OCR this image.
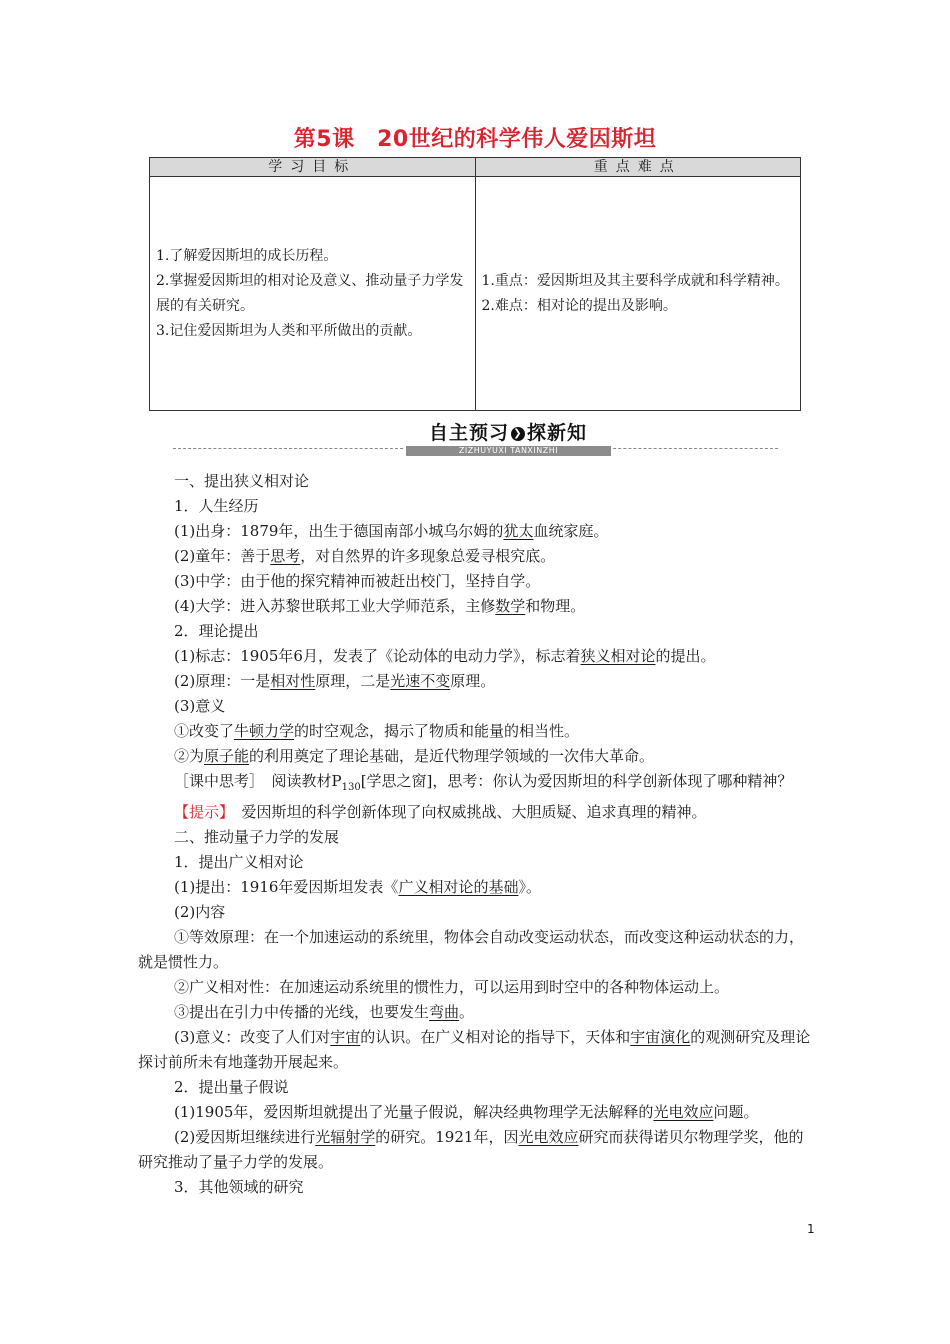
第5课　20世纪的科学伟人爱因斯坦
学习目标	重点难点

1.了解爱因斯坦的成长历程。

2.掌握爱因斯坦的相对论及意义、推动量子力学发展的有关研究。

3.记住爱因斯坦为人类和平所做出的贡献。

1.重点：爱因斯坦及其主要科学成就和科学精神。

2.难点：相对论的提出及影响。

自主预习 ❯ 探新知
ZIZHUYUXI TANXINZHI

一、提出狭义相对论

1．人生经历

(1)出身：1879年，出生于德国南部小城乌尔姆的犹太血统家庭。

(2)童年：善于思考，对自然界的许多现象总爱寻根究底。

(3)中学：由于他的探究精神而被赶出校门，坚持自学。

(4)大学：进入苏黎世联邦工业大学师范系，主修数学和物理。

2．理论提出

(1)标志：1905年6月，发表了《论动体的电动力学》，标志着狭义相对论的提出。

(2)原理：一是相对性原理，二是光速不变原理。

(3)意义

①改变了牛顿力学的时空观念，揭示了物质和能量的相当性。

②为原子能的利用奠定了理论基础，是近代物理学领域的一次伟大革命。

［课中思考］　阅读教材$P_{130}$[学思之窗]，思考：你认为爱因斯坦的科学创新体现了哪种精神？

【提示】　爱因斯坦的科学创新体现了向权威挑战、大胆质疑、追求真理的精神。

二、推动量子力学的发展

1．提出广义相对论

(1)提出：1916年爱因斯坦发表《广义相对论的基础》。

(2)内容

①等效原理：在一个加速运动的系统里，物体会自动改变运动状态，而改变这种运动状态的力，就是惯性力。

②广义相对性：在加速运动系统里的惯性力，可以运用到时空中的各种物体运动上。

③提出在引力中传播的光线，也要发生弯曲。

(3)意义：改变了人们对宇宙的认识。在广义相对论的指导下，天体和宇宙演化的观测研究及理论探讨前所未有地蓬勃开展起来。

2．提出量子假说

(1)1905年，爱因斯坦就提出了光量子假说，解决经典物理学无法解释的光电效应问题。

(2)爱因斯坦继续进行光辐射学的研究。1921年，因光电效应研究而获得诺贝尔物理学奖，他的研究推动了量子力学的发展。

3．其他领域的研究

1
